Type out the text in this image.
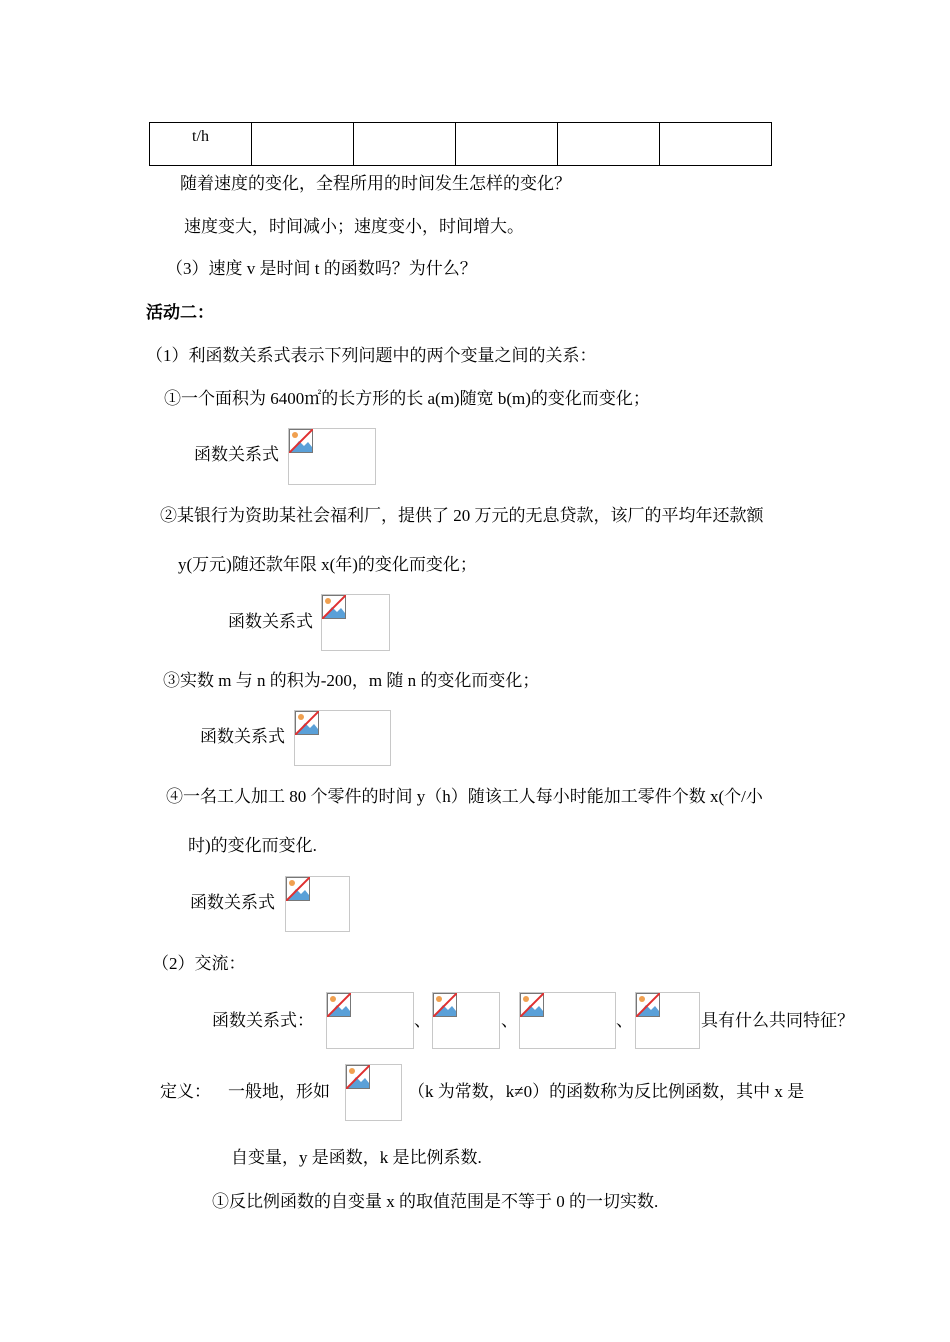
t/h					
随着速度的变化，全程所用的时间发生怎样的变化？
速度变大，时间减小；速度变小，时间增大。
（3）速度 v 是时间 t 的函数吗？为什么？
活动二：
（1）利函数关系式表示下列问题中的两个变量之间的关系：
①一个面积为 6400㎡的长方形的长 a(m)随宽 b(m)的变化而变化；
函数关系式
②某银行为资助某社会福利厂，提供了 20 万元的无息贷款，该厂的平均年还款额
y(万元)随还款年限 x(年)的变化而变化；
函数关系式
③实数 m 与 n 的积为-200，m 随 n 的变化而变化；
函数关系式
④一名工人加工 80 个零件的时间 y（h）随该工人每小时能加工零件个数 x(个/小
时)的变化而变化.
函数关系式
（2）交流：
函数关系式：	、	、	、	具有什么共同特征？
定义： 一般地，形如	（k 为常数，k≠0）的函数称为反比例函数，其中 x 是
自变量，y 是函数，k 是比例系数.
①反比例函数的自变量 x 的取值范围是不等于 0 的一切实数.
